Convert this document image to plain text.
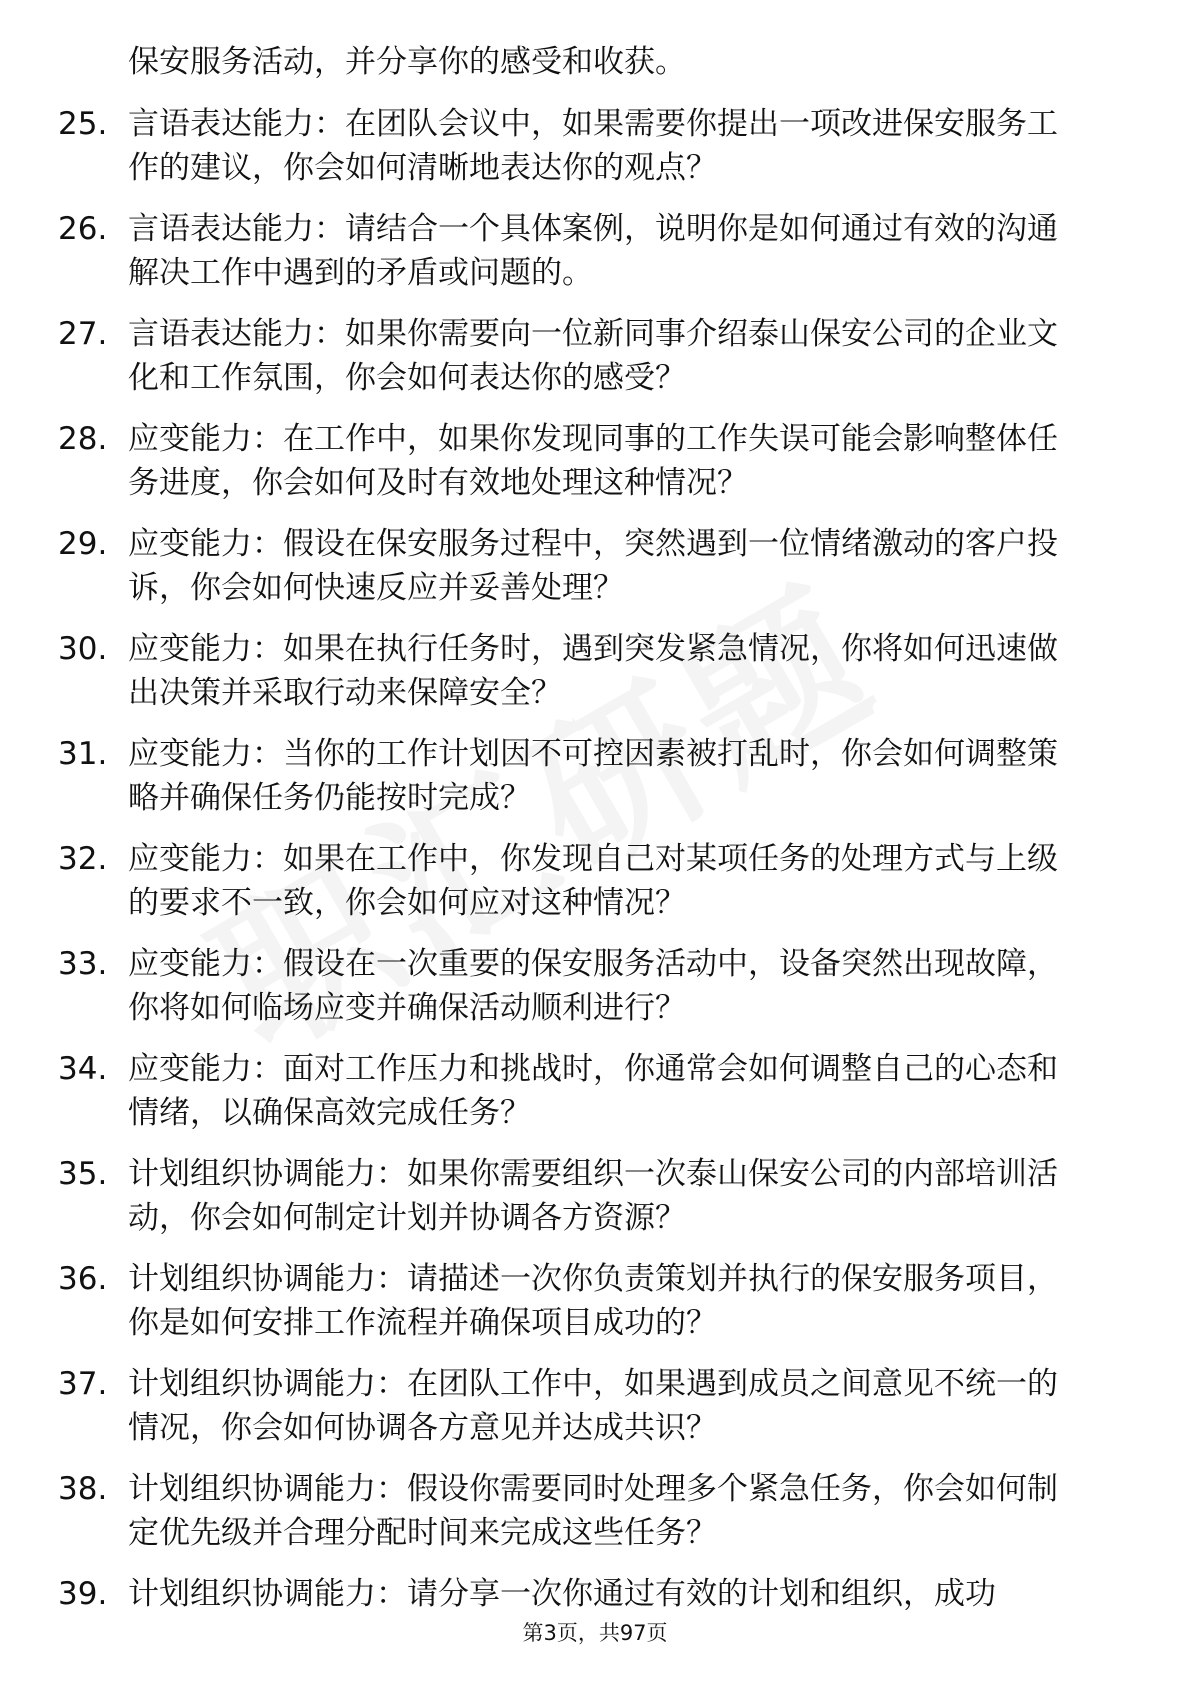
保安服务活动，并分享你的感受和收获。
25. 言语表达能力：在团队会议中，如果需要你提出一项改进保安服务工作的建议，你会如何清晰地表达你的观点？
26. 言语表达能力：请结合一个具体案例，说明你是如何通过有效的沟通解决工作中遇到的矛盾或问题的。
27. 言语表达能力：如果你需要向一位新同事介绍泰山保安公司的企业文化和工作氛围，你会如何表达你的感受？
28. 应变能力：在工作中，如果你发现同事的工作失误可能会影响整体任务进度，你会如何及时有效地处理这种情况？
29. 应变能力：假设在保安服务过程中，突然遇到一位情绪激动的客户投诉，你会如何快速反应并妥善处理？
30. 应变能力：如果在执行任务时，遇到突发紧急情况，你将如何迅速做出决策并采取行动来保障安全？
31. 应变能力：当你的工作计划因不可控因素被打乱时，你会如何调整策略并确保任务仍能按时完成？
32. 应变能力：如果在工作中，你发现自己对某项任务的处理方式与上级的要求不一致，你会如何应对这种情况？
33. 应变能力：假设在一次重要的保安服务活动中，设备突然出现故障，你将如何临场应变并确保活动顺利进行？
34. 应变能力：面对工作压力和挑战时，你通常会如何调整自己的心态和情绪，以确保高效完成任务？
35. 计划组织协调能力：如果你需要组织一次泰山保安公司的内部培训活动，你会如何制定计划并协调各方资源？
36. 计划组织协调能力：请描述一次你负责策划并执行的保安服务项目，你是如何安排工作流程并确保项目成功的？
37. 计划组织协调能力：在团队工作中，如果遇到成员之间意见不统一的情况，你会如何协调各方意见并达成共识？
38. 计划组织协调能力：假设你需要同时处理多个紧急任务，你会如何制定优先级并合理分配时间来完成这些任务？
39. 计划组织协调能力：请分享一次你通过有效的计划和组织，成功
第3页，共97页
